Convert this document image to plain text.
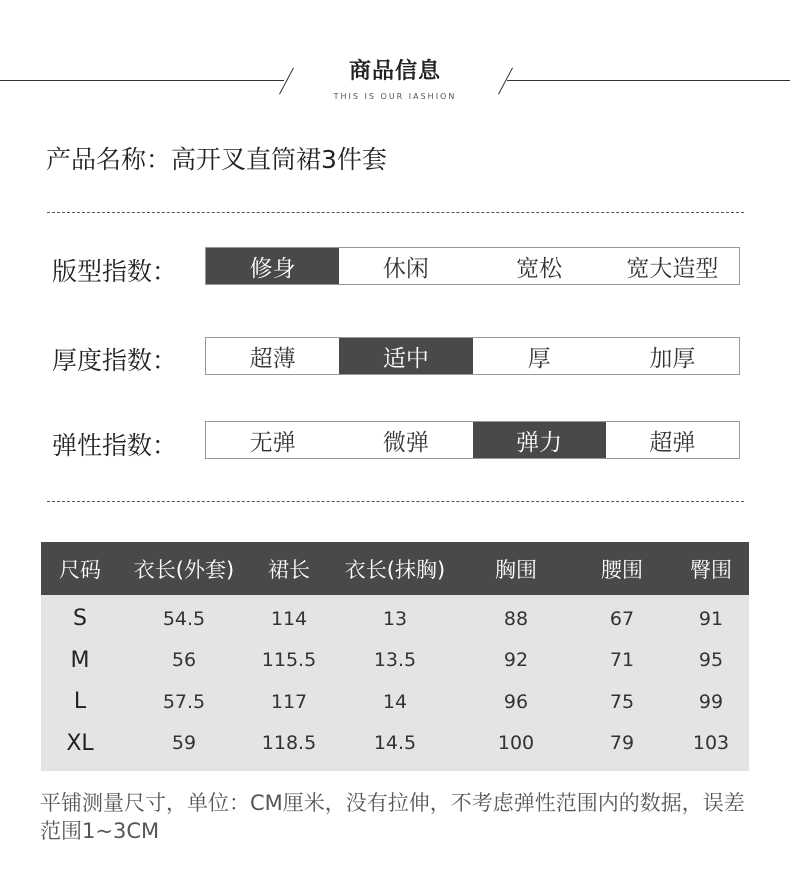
商品信息
THIS IS OUR IASHION
产品名称：高开叉直筒裙3件套
版型指数：	修身	休闲	宽松	宽大造型
厚度指数：	超薄	适中	厚	加厚
弹性指数：	无弹	微弹	弹力	超弹
尺码	衣长(外套)	裙长	衣长(抹胸)	胸围	腰围	臀围
S	54.5	114	13	88	67	91
M	56	115.5	13.5	92	71	95
L	57.5	117	14	96	75	99
XL	59	118.5	14.5	100	79	103
平铺测量尺寸，单位：CM厘米，没有拉伸，不考虑弹性范围内的数据，误差范围1~3CM
